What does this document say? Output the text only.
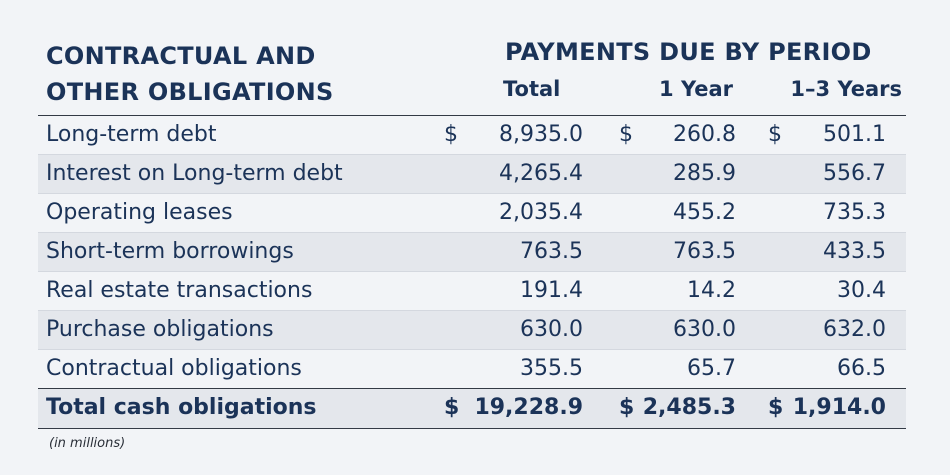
CONTRACTUAL AND
OTHER OBLIGATIONS
PAYMENTS DUE BY PERIOD
Total	1 Year	1–3 Years
Long-term debt	$ 8,935.0 $ 260.8 $ 501.1
Interest on Long-term debt	4,265.4	285.9	556.7
Operating leases	2,035.4	455.2	735.3
Short-term borrowings	763.5	763.5	433.5
Real estate transactions	191.4	14.2	30.4
Purchase obligations	630.0	630.0	632.0
Contractual obligations	355.5	65.7	66.5
Total cash obligations	$ 19,228.9 $ 2,485.3 $ 1,914.0
(in millions)
